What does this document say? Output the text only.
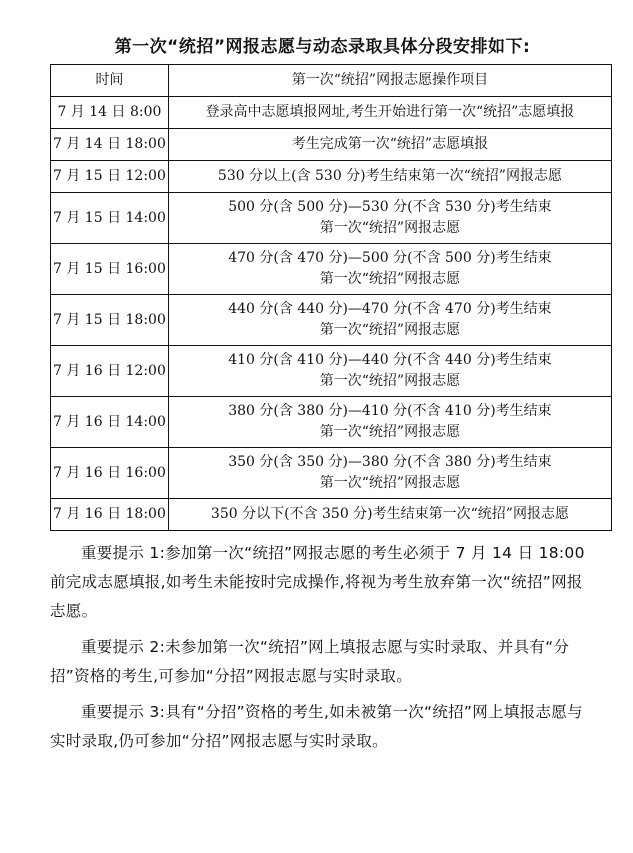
第一次“统招”网报志愿与动态录取具体分段安排如下:
时间	第一次“统招”网报志愿操作项目
7 月 14 日 8:00	登录高中志愿填报网址,考生开始进行第一次“统招”志愿填报

7 月 14 日 18:00	考生完成第一次“统招”志愿填报

7 月 15 日 12:00	530 分以上(含 530 分)考生结束第一次“统招”网报志愿

7 月 15 日 14:00	500 分(含 500 分)—530 分(不含 530 分)考生结束
第一次“统招”网报志愿

7 月 15 日 16:00	470 分(含 470 分)—500 分(不含 500 分)考生结束
第一次“统招”网报志愿

7 月 15 日 18:00	440 分(含 440 分)—470 分(不含 470 分)考生结束
第一次“统招”网报志愿

7 月 16 日 12:00	410 分(含 410 分)—440 分(不含 440 分)考生结束
第一次“统招”网报志愿

7 月 16 日 14:00	380 分(含 380 分)—410 分(不含 410 分)考生结束
第一次“统招”网报志愿

7 月 16 日 16:00	350 分(含 350 分)—380 分(不含 380 分)考生结束
第一次“统招”网报志愿

7 月 16 日 18:00	350 分以下(不含 350 分)考生结束第一次“统招”网报志愿

重要提示 1:参加第一次“统招”网报志愿的考生必须于 7 月 14 日 18:00 前完成志愿填报,如考生未能按时完成操作,将视为考生放弃第一次“统招”网报志愿。

重要提示 2:未参加第一次“统招”网上填报志愿与实时录取、并具有“分招”资格的考生,可参加“分招”网报志愿与实时录取。

重要提示 3:具有“分招”资格的考生,如未被第一次“统招”网上填报志愿与实时录取,仍可参加“分招”网报志愿与实时录取。
